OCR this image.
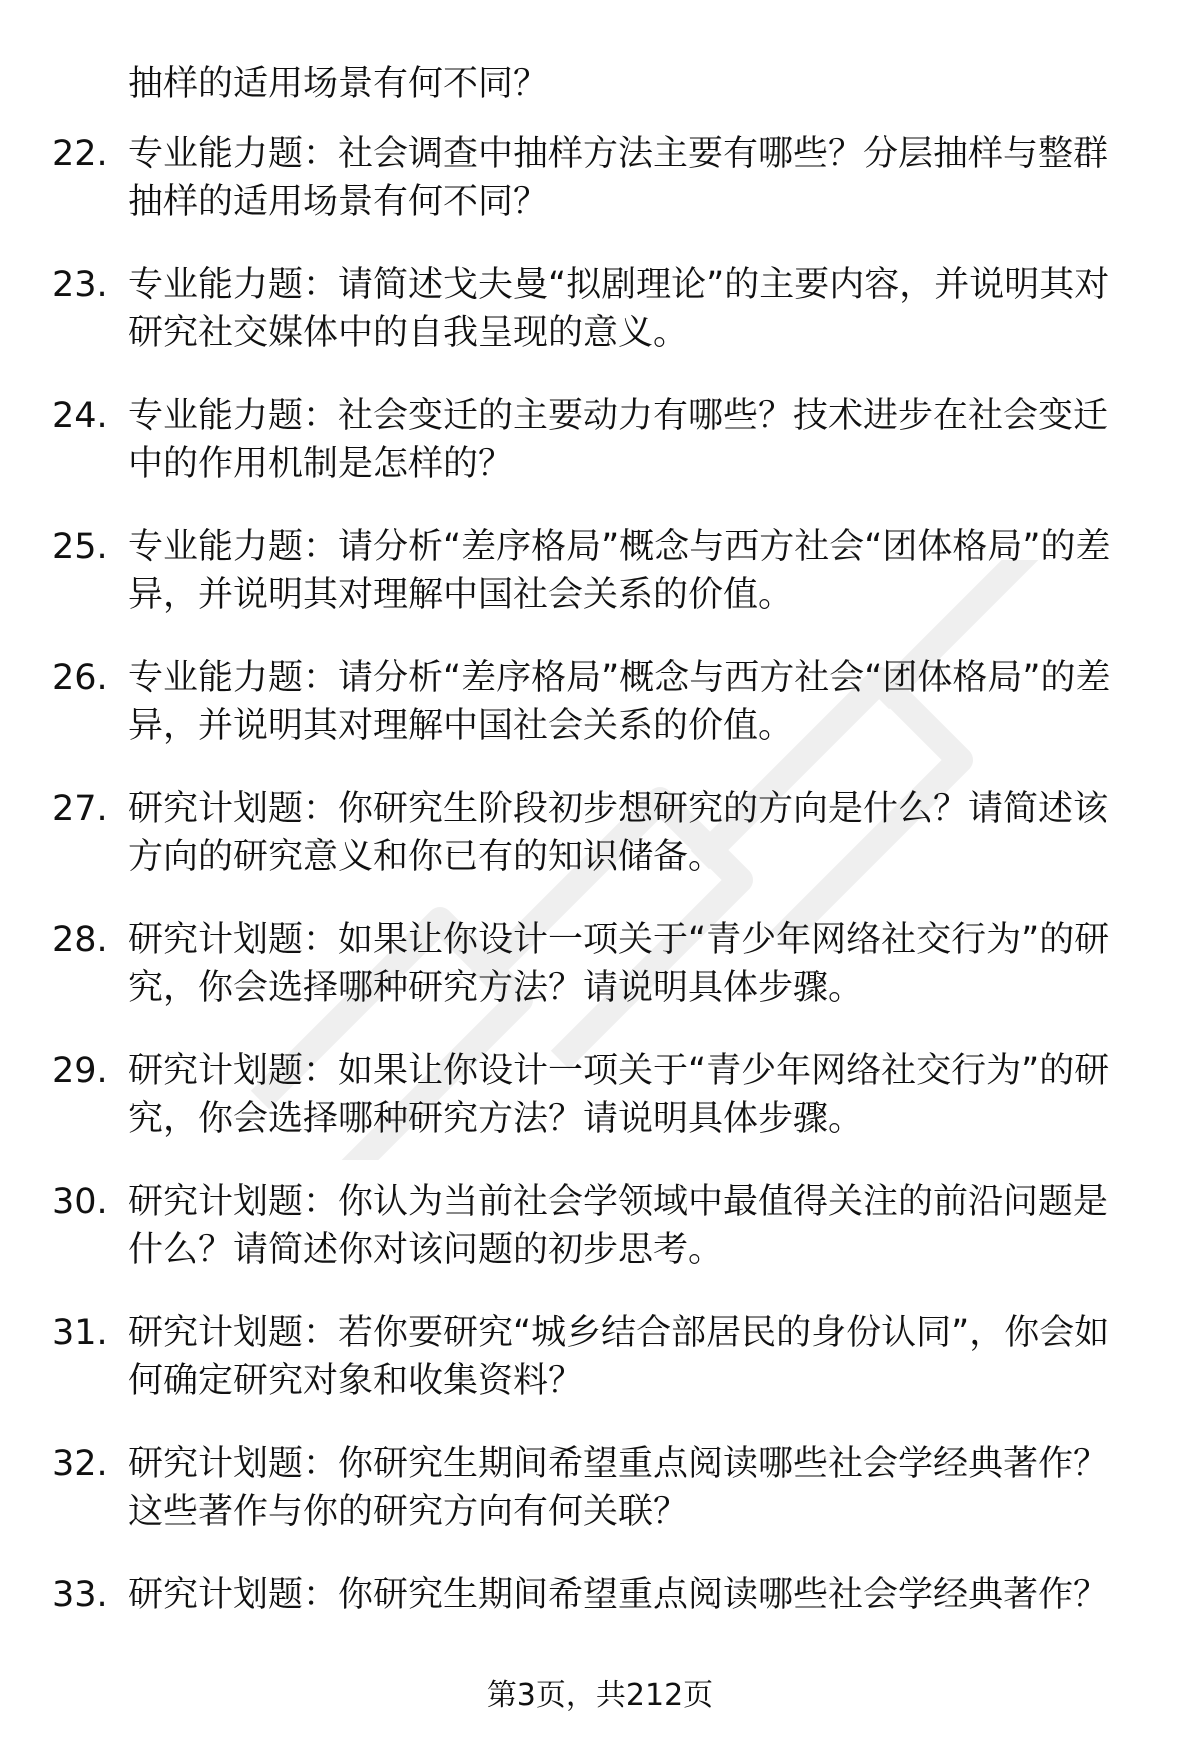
抽样的适用场景有何不同？
22. 专业能力题：社会调查中抽样方法主要有哪些？分层抽样与整群抽样的适用场景有何不同？
23. 专业能力题：请简述戈夫曼“拟剧理论”的主要内容，并说明其对研究社交媒体中的自我呈现的意义。
24. 专业能力题：社会变迁的主要动力有哪些？技术进步在社会变迁中的作用机制是怎样的？
25. 专业能力题：请分析“差序格局”概念与西方社会“团体格局”的差异，并说明其对理解中国社会关系的价值。
26. 专业能力题：请分析“差序格局”概念与西方社会“团体格局”的差异，并说明其对理解中国社会关系的价值。
27. 研究计划题：你研究生阶段初步想研究的方向是什么？请简述该方向的研究意义和你已有的知识储备。
28. 研究计划题：如果让你设计一项关于“青少年网络社交行为”的研究，你会选择哪种研究方法？请说明具体步骤。
29. 研究计划题：如果让你设计一项关于“青少年网络社交行为”的研究，你会选择哪种研究方法？请说明具体步骤。
30. 研究计划题：你认为当前社会学领域中最值得关注的前沿问题是什么？请简述你对该问题的初步思考。
31. 研究计划题：若你要研究“城乡结合部居民的身份认同”，你会如何确定研究对象和收集资料？
32. 研究计划题：你研究生期间希望重点阅读哪些社会学经典著作？这些著作与你的研究方向有何关联？
33. 研究计划题：你研究生期间希望重点阅读哪些社会学经典著作？
第3页，共212页
